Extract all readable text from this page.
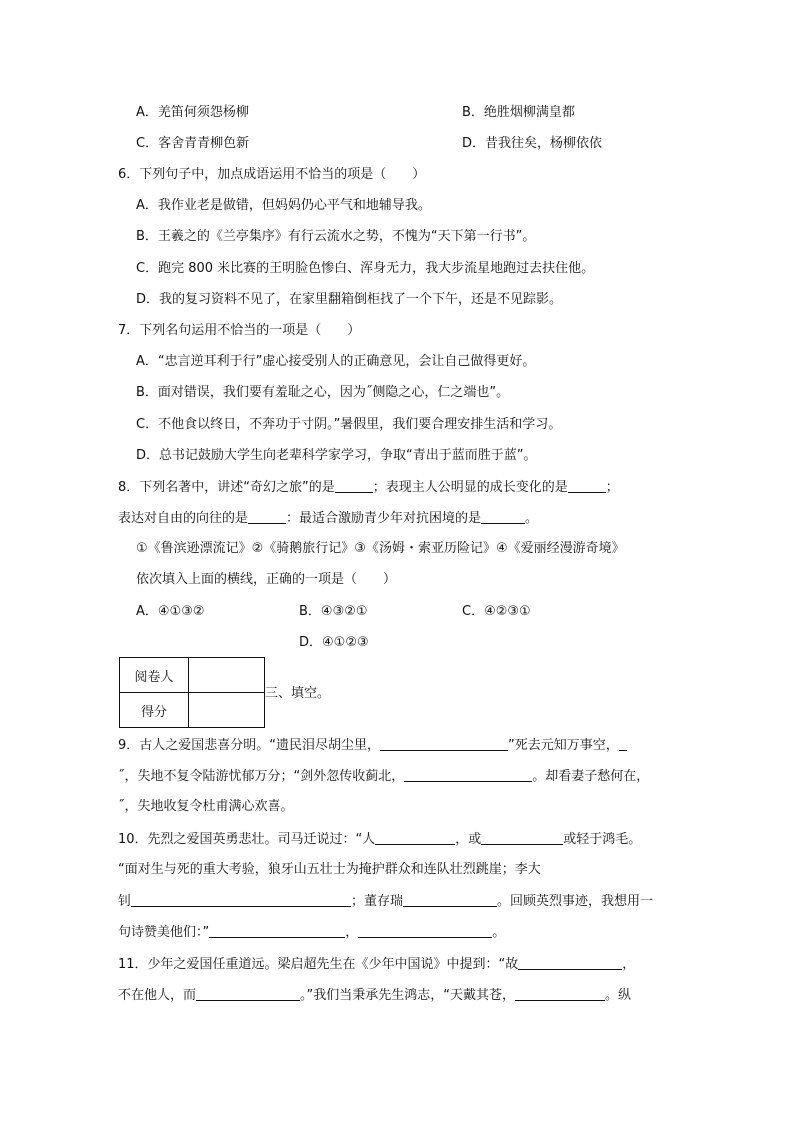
A．羌笛何须怨杨柳	B．绝胜烟柳满皇都
C．客舍青青柳色新	D．昔我往矣，杨柳依依
6．下列句子中，加点成语运用不恰当的项是（　　）
A．我作业老是做错，但妈妈仍心平气和地辅导我。
B．王羲之的《兰亭集序》有行云流水之势，不愧为“天下第一行书”。
C．跑完 800 米比赛的王明脸色惨白、浑身无力，我大步流星地跑过去扶住他。
D．我的复习资料不见了，在家里翻箱倒柜找了一个下午，还是不见踪影。
7．下列名句运用不恰当的一项是（　　）
A．“忠言逆耳利于行”虚心接受别人的正确意见，会让自己做得更好。
B．面对错误，我们要有羞耻之心，因为˝侧隐之心，仁之端也”。
C．不他食以终日，不奔功于寸阴。”暑假里，我们要合理安排生活和学习。
D．总书记鼓励大学生向老辈科学家学习，争取“青出于蓝而胜于蓝”。
8．下列名著中，讲述“奇幻之旅”的是	；表现主人公明显的成长变化的是	；
表达对自由的向往的是	：最适合激励青少年对抗困境的是	。
①《鲁滨逊漂流记》②《骑鹅旅行记》③《汤姆・索亚历险记》④《爱丽经漫游奇境》
依次填入上面的横线，正确的一项是（　　）
A．④①③②	B．④③②①	C．④②③①
D．④①②③
阅卷人	
得分	
三、填空。
9．古人之爱国悲喜分明。“遗民泪尽胡尘里，	”死去元知万事空，
˝，失地不复令陆游忧郁万分；“剑外忽传收蓟北，	。却看妻子愁何在，
˝，失地收复令杜甫满心欢喜。
10．先烈之爱国英勇悲壮。司马迁说过：“人	，或	或轻于鸿毛。
“面对生与死的重大考验，狼牙山五壮士为掩护群众和连队壮烈跳崖；李大
钊	；董存瑞	。回顾英烈事迹，我想用一
句诗赞美他们：”	，	。
11．少年之爱国任重道远。梁启超先生在《少年中国说》中提到：“故	，
不在他人，而	。”我们当秉承先生鸿志，“天戴其苍，	。纵
